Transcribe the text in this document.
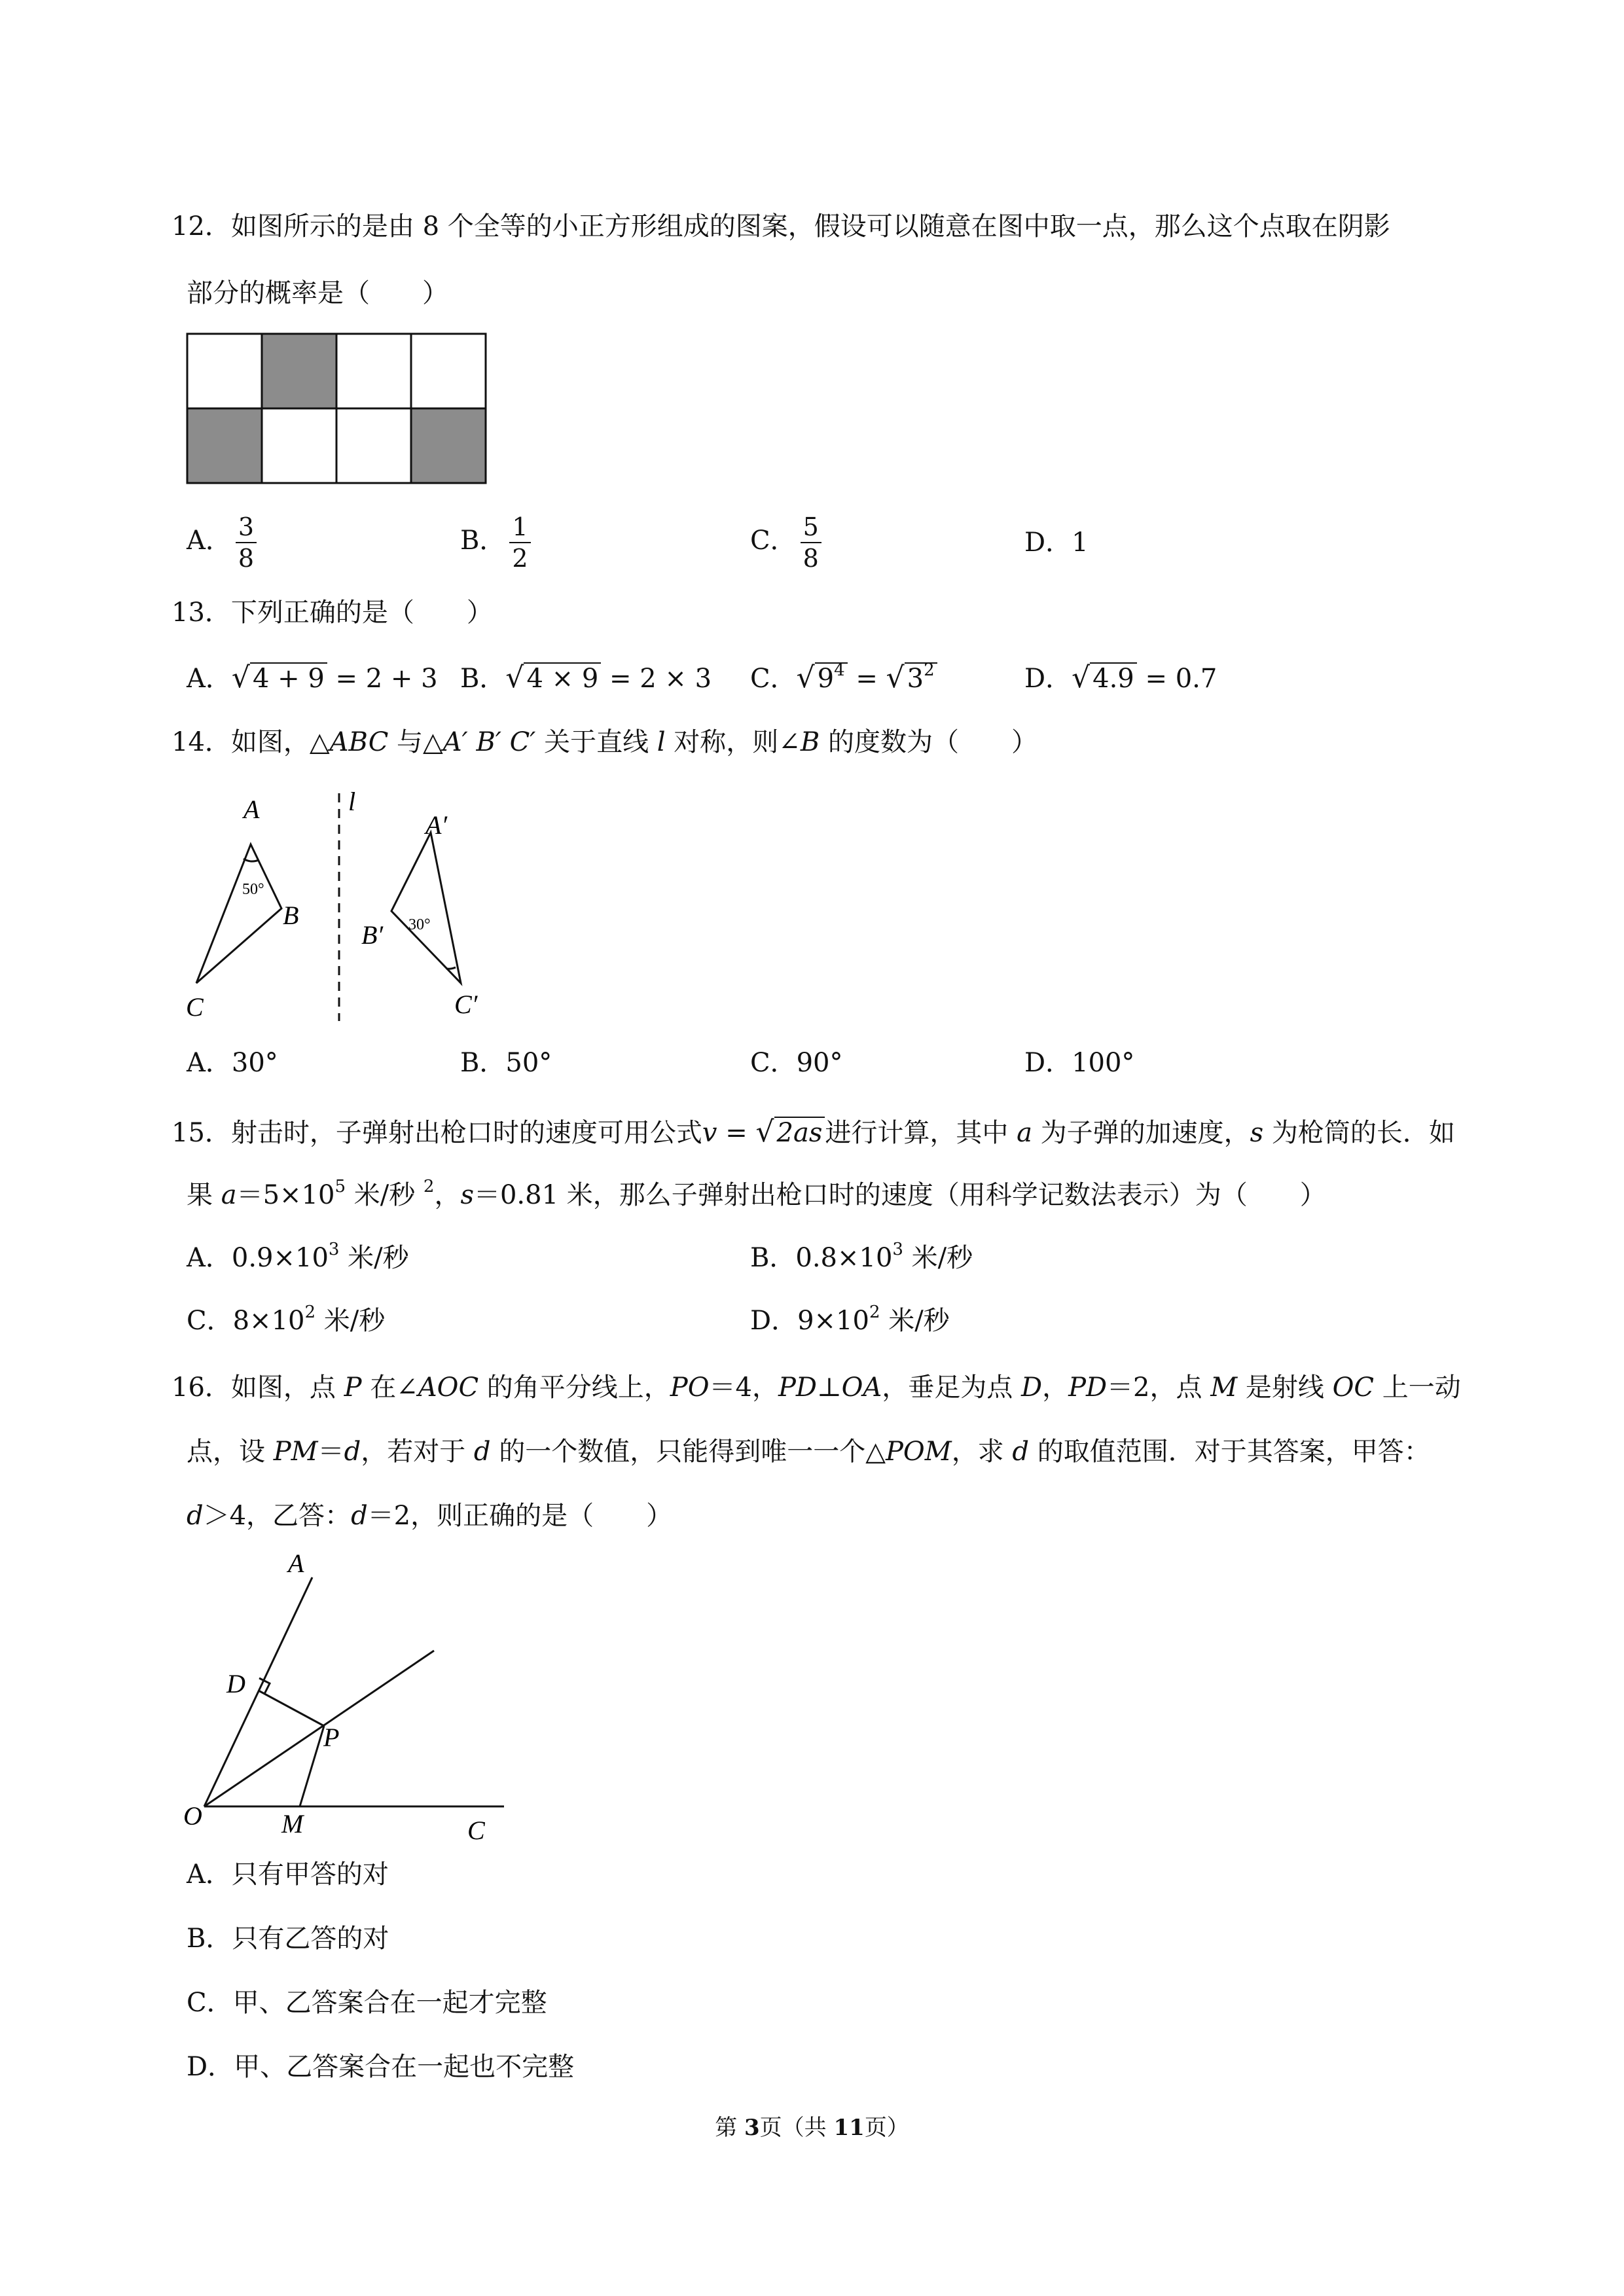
12．如图所示的是由 8 个全等的小正方形组成的图案，假设可以随意在图中取一点，那么这个点取在阴影
部分的概率是（　　）
A． $\frac{3}{8}$	B． $\frac{1}{2}$	C． $\frac{5}{8}$	D．1
13．下列正确的是（　　）
A．√ 4 + 9 = 2 + 3 B．√ 4 × 9 = 2 × 3 C．√ $9^4$ = √ $3^2$	D．√ 4.9 = 0.7
14．如图，△ABC 与△A′ B′ C′ 关于直线 l 对称，则∠B 的度数为（　　）
A
B
C
l
A′
B′
C′
50°
30°
A．30°	B．50°	C．90°	D．100°
15．射击时，子弹射出枪口时的速度可用公式v = √ 2as 进行计算，其中 a 为子弹的加速度，s 为枪筒的长．如
果 $a=5\times 10^5$ 米/秒 $^2$，s＝0.81 米，那么子弹射出枪口时的速度（用科学记数法表示）为（　　）
A．$0.9\times 10^3$ 米/秒	B．$0.8\times 10^3$ 米/秒
C．$8\times 10^2$ 米/秒	D．$9\times 10^2$ 米/秒
16．如图，点 P 在∠AOC 的角平分线上，PO＝4，PD⊥OA，垂足为点 D，PD＝2，点 M 是射线 OC 上一动
点，设 PM＝d，若对于 d 的一个数值，只能得到唯一一个△POM，求 d 的取值范围．对于其答案，甲答：
d＞4，乙答：d＝2，则正确的是（　　）
A
D
P
O	M	C
A．只有甲答的对
B．只有乙答的对
C．甲、乙答案合在一起才完整
D．甲、乙答案合在一起也不完整
第 3页（共 11页）
